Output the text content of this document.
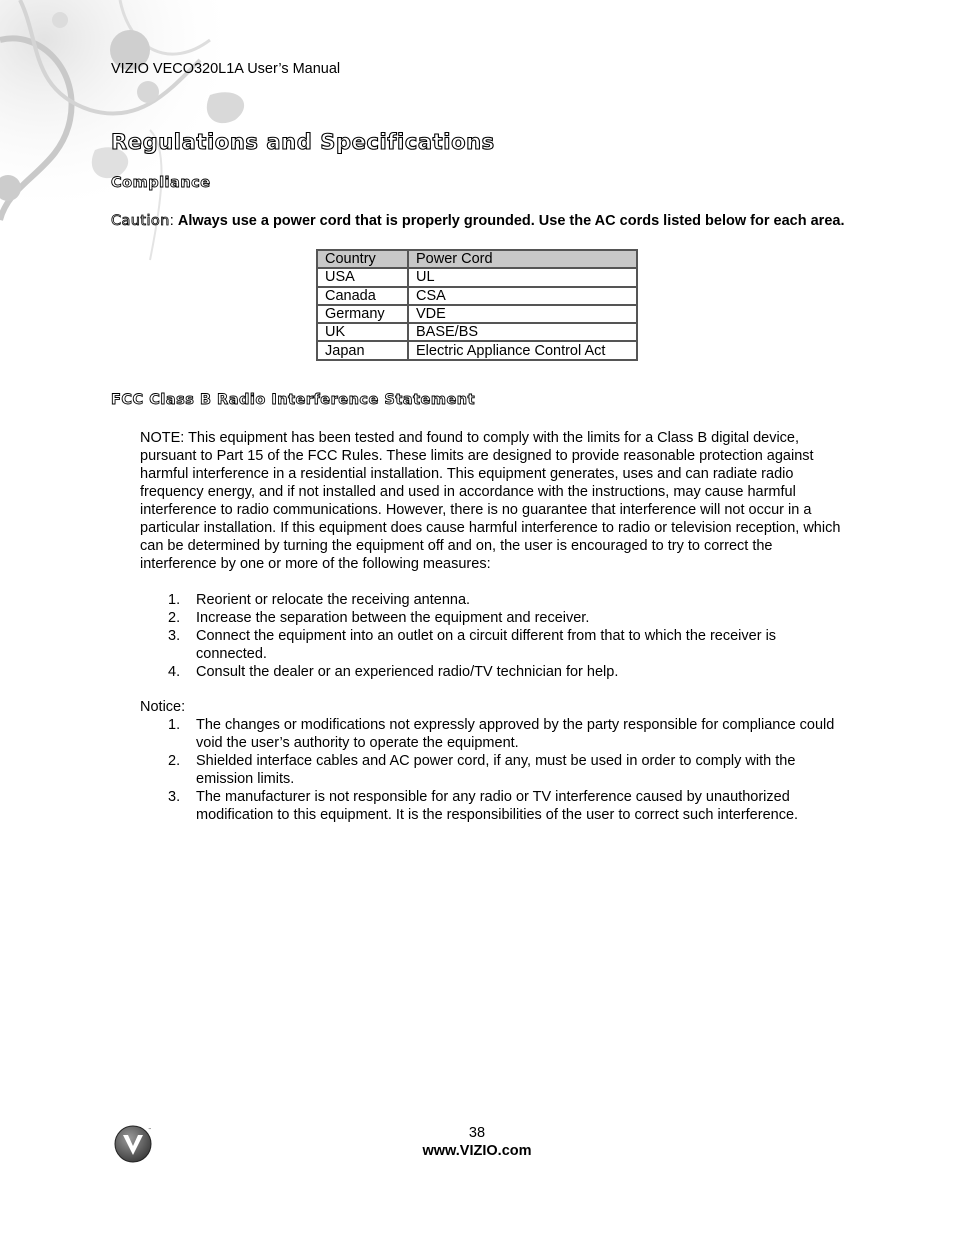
VIZIO VECO320L1A User’s Manual
Regulations and Specifications
Compliance
Caution: Always use a power cord that is properly grounded. Use the AC cords listed below for each area.
Country	Power Cord
USA	UL
Canada	CSA
Germany	VDE
UK	BASE/BS
Japan	Electric Appliance Control Act
FCC Class B Radio Interference Statement
NOTE: This equipment has been tested and found to comply with the limits for a Class B digital device, pursuant to Part 15 of the FCC Rules. These limits are designed to provide reasonable protection against harmful interference in a residential installation. This equipment generates, uses and can radiate radio frequency energy, and if not installed and used in accordance with the instructions, may cause harmful interference to radio communications. However, there is no guarantee that interference will not occur in a particular installation. If this equipment does cause harmful interference to radio or television reception, which can be determined by turning the equipment off and on, the user is encouraged to try to correct the interference by one or more of the following measures:
1. Reorient or relocate the receiving antenna.
2. Increase the separation between the equipment and receiver.
3. Connect the equipment into an outlet on a circuit different from that to which the receiver is connected.
4. Consult the dealer or an experienced radio/TV technician for help.
Notice:
1. The changes or modifications not expressly approved by the party responsible for compliance could void the user’s authority to operate the equipment.
2. Shielded interface cables and AC power cord, if any, must be used in order to comply with the emission limits.
3. The manufacturer is not responsible for any radio or TV interference caused by unauthorized modification to this equipment. It is the responsibilities of the user to correct such interference.
™	38
www.VIZIO.com
